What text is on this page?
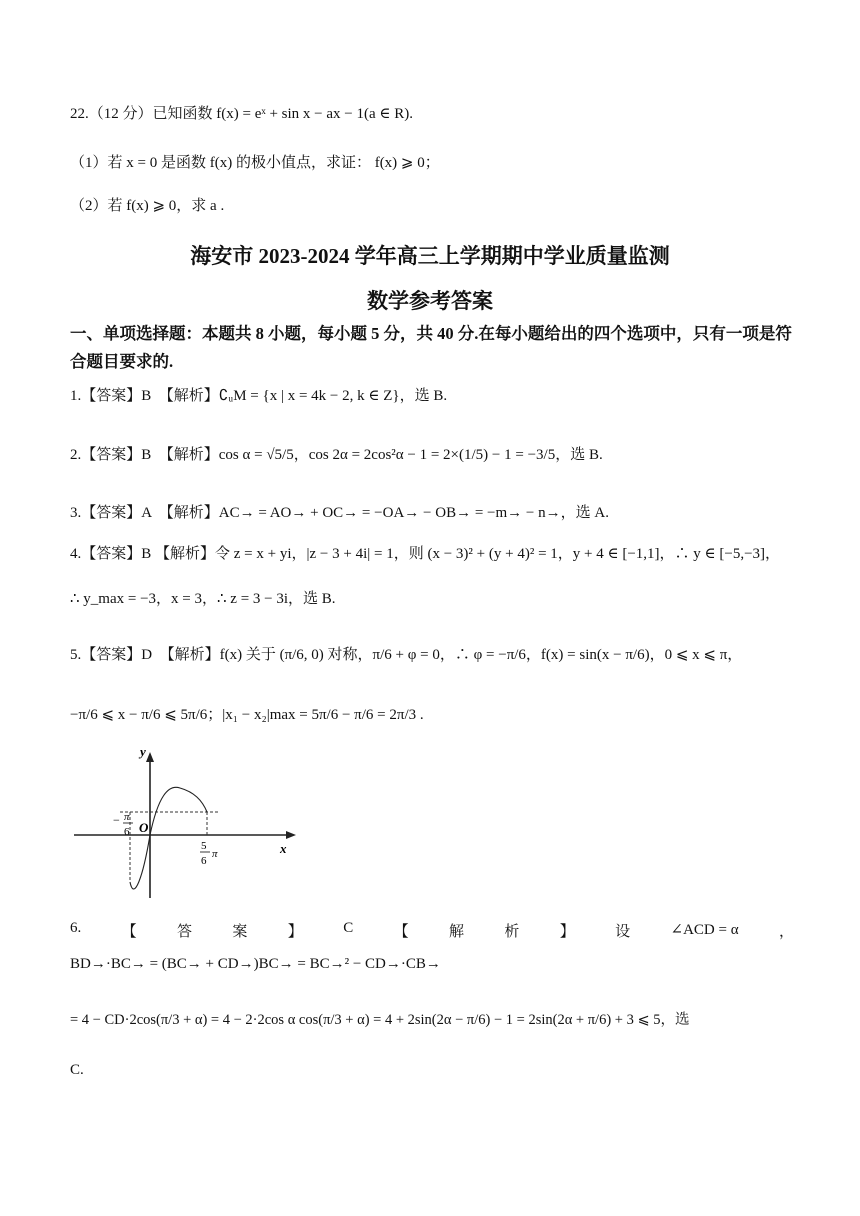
22.（12 分）已知函数 f(x) = eˣ + sin x − ax − 1(a ∈ R).
（1）若 x = 0 是函数 f(x) 的极小值点，求证： f(x) ⩾ 0；
（2）若 f(x) ⩾ 0，求 a .
海安市 2023-2024 学年高三上学期期中学业质量监测
数学参考答案
一、单项选择题：本题共 8 小题，每小题 5 分，共 40 分.在每小题给出的四个选项中，只有一项是符合题目要求的.
1.【答案】B　【解析】∁ᵤM = {x | x = 4k − 2, k ∈ Z}，选 B.
2.【答案】B　【解析】cos α = √5/5，cos 2α = 2cos²α − 1 = 2×(1/5) − 1 = −3/5，选 B.
3.【答案】A　【解析】AC→ = AO→ + OC→ = −OA→ − OB→ = −m→ − n→，选 A.
4.【答案】B 【解析】令 z = x + yi，|z − 3 + 4i| = 1，则 (x − 3)² + (y + 4)² = 1，y + 4 ∈ [−1,1]，∴ y ∈ [−5,−3]，
∴ y_max = −3，x = 3，∴ z = 3 − 3i，选 B.
5.【答案】D　【解析】f(x) 关于 (π/6, 0) 对称，π/6 + φ = 0，∴ φ = −π/6，f(x) = sin(x − π/6)，0 ⩽ x ⩽ π，
−π/6 ⩽ x − π/6 ⩽ 5π/6；|x₁ − x₂|max = 5π/6 − π/6 = 2π/3 .
y
x
O
− π
6
5
6
π
6.	【	答	案	】	C	【	解	析	】	设	∠ACD = α	，
BD→·BC→ = (BC→ + CD→)BC→ = BC→² − CD→·CB→
= 4 − CD·2cos(π/3 + α) = 4 − 2·2cos α cos(π/3 + α) = 4 + 2sin(2α − π/6) − 1 = 2sin(2α + π/6) + 3 ⩽ 5，选
C.
